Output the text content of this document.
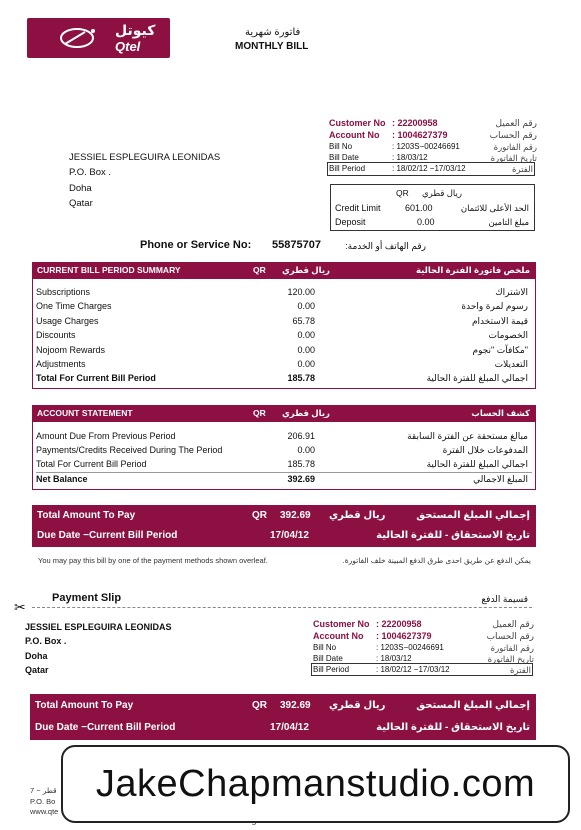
كيوتل
Qtel
فاتورة شهرية
MONTHLY BILL
JESSIEL ESPLEGUIRA LEONIDAS
P.O. Box .
Doha
Qatar
Customer No : 22200958	رقم العميل
Account No : 1004627379	رقم الحساب
Bill No	: 1203S−00246691	رقم الفاتورة
Bill Date	: 18/03/12	تاريخ الفاتورة
Bill Period	: 18/02/12 −17/03/12	الفترة
QR ريال قطري
Credit Limit	601.00	الحد الأعلى للائتمان
Deposit	0.00	مبلغ التامين
Phone or Service No: 55875707	رقم الهاتف أو الخدمة:
CURRENT BILL PERIOD SUMMARY	QR ريال قطري	ملخص فاتورة الفترة الحالية
Subscriptions	120.00	الاشتراك
One Time Charges	0.00	رسوم لمرة واحدة
Usage Charges	65.78	قيمة الاستخدام
Discounts	0.00	الخصومات
Nojoom Rewards	0.00	مكافآت "نجوم"
Adjustments	0.00	التعديلات
Total For Current Bill Period	185.78	اجمالي المبلغ للفترة الحالية
ACCOUNT STATEMENT	QR ريال قطري	كشف الحساب
Amount Due From Previous Period	206.91	مبالغ مستحقة عن الفترة السابقة
Payments/Credits Received During The Period	0.00	المدفوعات خلال الفترة
Total For Current Bill Period	185.78	اجمالي المبلغ للفترة الحالية
Net Balance	392.69	المبلغ الاجمالي
Total Amount To Pay	QR 392.69 ريال قطري	إجمالي المبلغ المستحق
Due Date −Current Bill Period	17/04/12	تاريخ الاستحقاق - للفترة الحالية
You may pay this bill by one of the payment methods shown overleaf.	يمكن الدفع عن طريق احدى طرق الدفع المبينة خلف الفاتورة.
Payment Slip	قسيمة الدفع
✂
JESSIEL ESPLEGUIRA LEONIDAS
P.O. Box .
Doha
Qatar
Customer No : 22200958	رقم العميل
Account No : 1004627379	رقم الحساب
Bill No	: 1203S−00246691	رقم الفاتورة
Bill Date	: 18/03/12	تاريخ الفاتورة
Bill Period	: 18/02/12 −17/03/12	الفترة
Total Amount To Pay	QR 392.69 ريال قطري	إجمالي المبلغ المستحق
Due Date −Current Bill Period	17/04/12	تاريخ الاستحقاق - للفترة الحالية
7 − قطر
P.O. Bo
www.qte
JakeChapmanstudio.com
